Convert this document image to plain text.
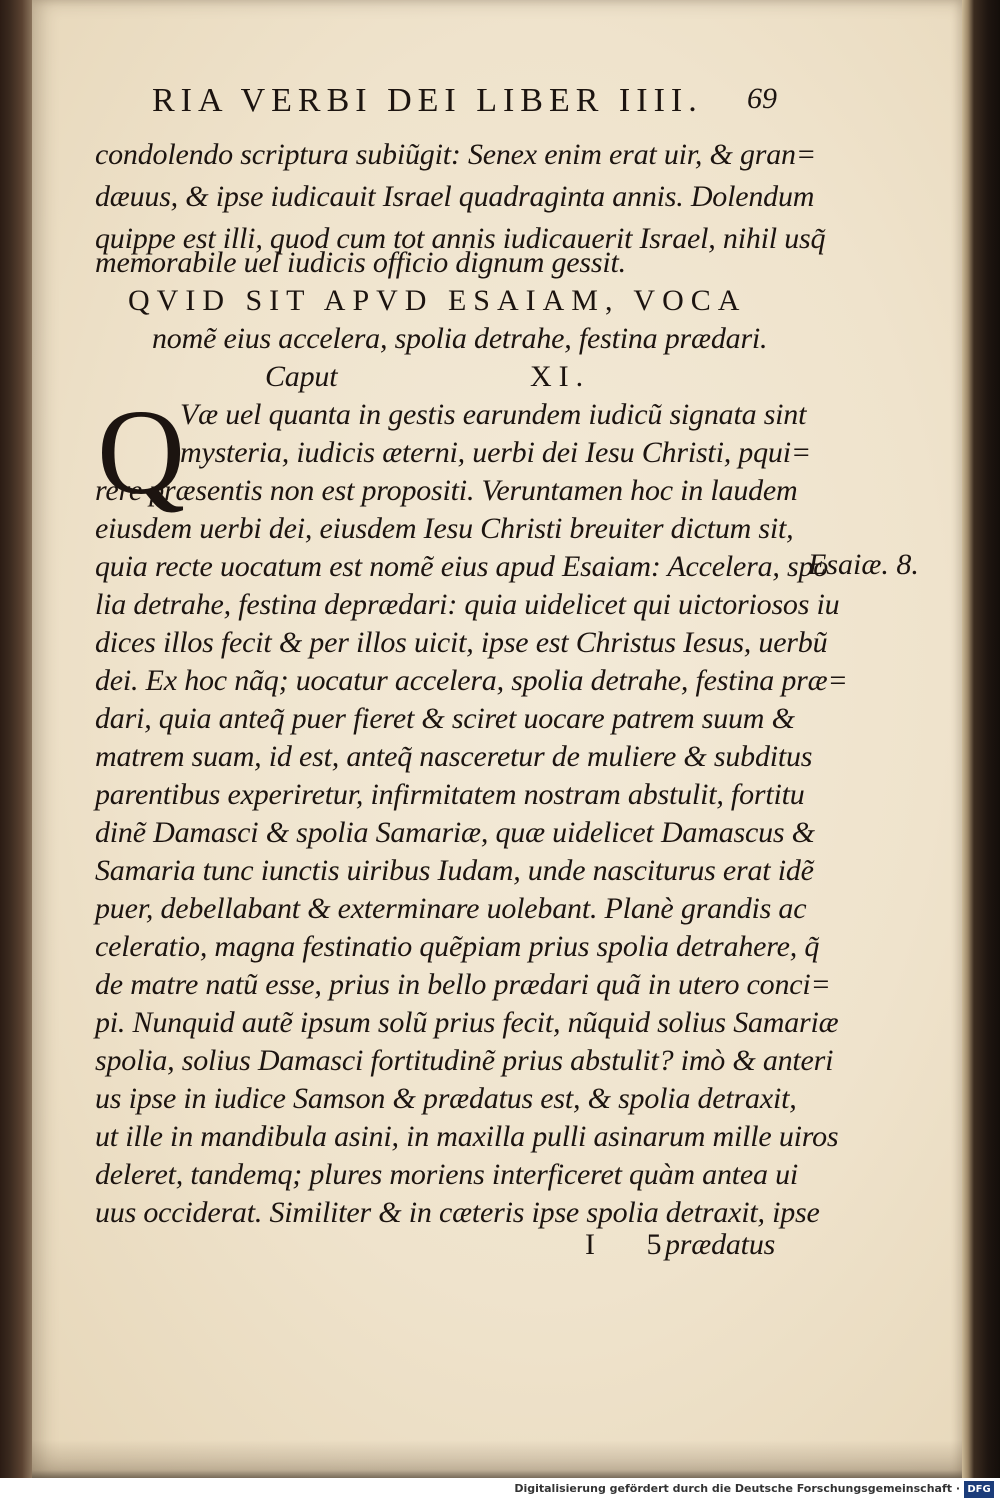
RIA VERBI DEI LIBER IIII. 69
condolendo scriptura subiũgit: Senex enim erat uir, & gran=
dæuus, & ipse iudicauit Israel quadraginta annis. Dolendum
quippe est illi, quod cum tot annis iudicauerit Israel, nihil usq̃
memorabile uel iudicis officio dignum gessit.
QVID SIT APVD ESAIAM, VOCA
nomẽ eius accelera, spolia detrahe, festina prædari.
Caput	XI.
Q
Væ uel quanta in gestis earundem iudicũ signata sint
mysteria, iudicis æterni, uerbi dei Iesu Christi, pqui=
rere præsentis non est propositi. Veruntamen hoc in laudem
eiusdem uerbi dei, eiusdem Iesu Christi breuiter dictum sit,
quia recte uocatum est nomẽ eius apud Esaiam: Accelera, spo
lia detrahe, festina deprædari: quia uidelicet qui uictoriosos iu
dices illos fecit & per illos uicit, ipse est Christus Iesus, uerbũ
dei. Ex hoc nãq; uocatur accelera, spolia detrahe, festina præ=
dari, quia anteq̃ puer fieret & sciret uocare patrem suum &
matrem suam, id est, anteq̃ nasceretur de muliere & subditus
parentibus experiretur, infirmitatem nostram abstulit, fortitu
dinẽ Damasci & spolia Samariæ, quæ uidelicet Damascus &
Samaria tunc iunctis uiribus Iudam, unde nasciturus erat idẽ
puer, debellabant & exterminare uolebant. Planè grandis ac
celeratio, magna festinatio quẽpiam prius spolia detrahere, q̃
de matre natũ esse, prius in bello prædari quã in utero conci=
pi. Nunquid autẽ ipsum solũ prius fecit, nũquid solius Samariæ
spolia, solius Damasci fortitudinẽ prius abstulit? imò & anteri
us ipse in iudice Samson & prædatus est, & spolia detraxit,
ut ille in mandibula asini, in maxilla pulli asinarum mille uiros
deleret, tandemq; plures moriens interficeret quàm antea ui
uus occiderat. Similiter & in cæteris ipse spolia detraxit, ipse
I 5
prædatus
Esaiæ. 8.
Digitalisierung gefördert durch die Deutsche Forschungsgemeinschaft · DFG
